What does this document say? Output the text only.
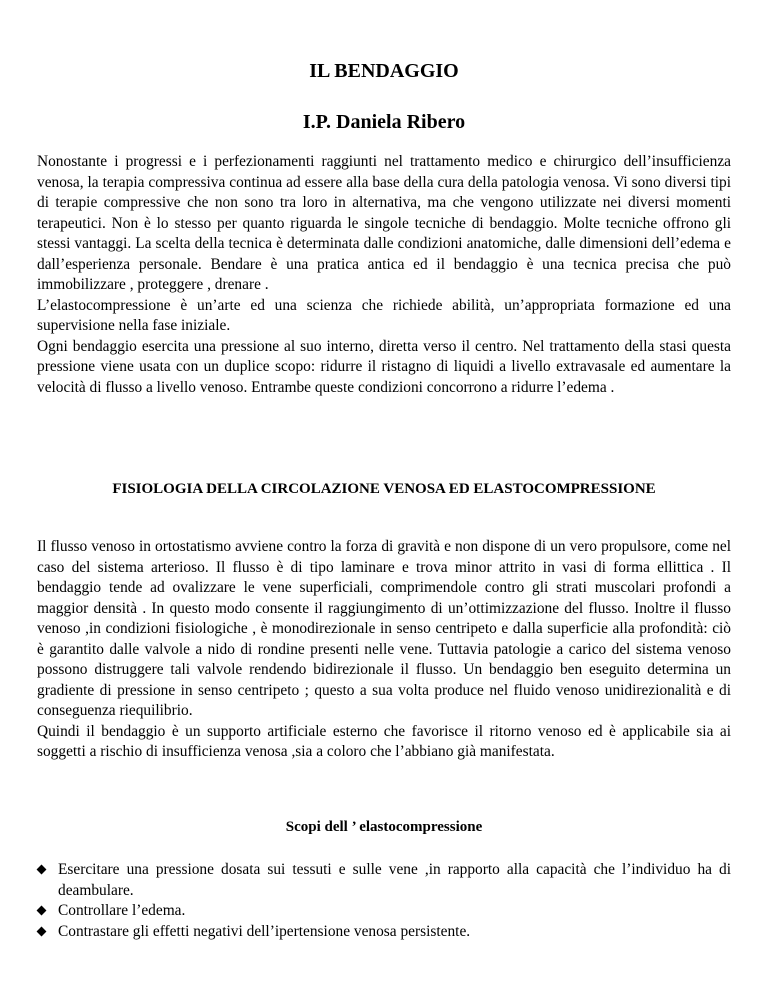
IL BENDAGGIO
I.P. Daniela Ribero

Nonostante i progressi e i perfezionamenti raggiunti nel trattamento medico e chirurgico dell’insufficienza venosa, la terapia compressiva continua ad essere alla base della cura della patologia venosa. Vi sono diversi tipi di terapie compressive che non sono tra loro in alternativa, ma che vengono utilizzate nei diversi momenti terapeutici. Non è lo stesso per quanto riguarda le singole tecniche di bendaggio. Molte tecniche offrono gli stessi vantaggi. La scelta della tecnica è determinata dalle condizioni anatomiche, dalle dimensioni dell’edema e dall’esperienza personale. Bendare è una pratica antica ed il bendaggio è una tecnica precisa che può immobilizzare , proteggere , drenare .

L’elastocompressione è un’arte ed una scienza che richiede abilità, un’appropriata formazione ed una supervisione nella fase iniziale.

Ogni bendaggio esercita una pressione al suo interno, diretta verso il centro. Nel trattamento della stasi questa pressione viene usata con un duplice scopo: ridurre il ristagno di liquidi a livello extravasale ed aumentare la velocità di flusso a livello venoso. Entrambe queste condizioni concorrono a ridurre l’edema .

FISIOLOGIA DELLA CIRCOLAZIONE VENOSA ED ELASTOCOMPRESSIONE

Il flusso venoso in ortostatismo avviene contro la forza di gravità e non dispone di un vero propulsore, come nel caso del sistema arterioso. Il flusso è di tipo laminare e trova minor attrito in vasi di forma ellittica . Il bendaggio tende ad ovalizzare le vene superficiali, comprimendole contro gli strati muscolari profondi a maggior densità . In questo modo consente il raggiungimento di un’ottimizzazione del flusso. Inoltre il flusso venoso ,in condizioni fisiologiche , è monodirezionale in senso centripeto e dalla superficie alla profondità: ciò è garantito dalle valvole a nido di rondine presenti nelle vene. Tuttavia patologie a carico del sistema venoso possono distruggere tali valvole rendendo bidirezionale il flusso. Un bendaggio ben eseguito determina un gradiente di pressione in senso centripeto ; questo a sua volta produce nel fluido venoso unidirezionalità e di conseguenza riequilibrio.

Quindi il bendaggio è un supporto artificiale esterno che favorisce il ritorno venoso ed è applicabile sia ai soggetti a rischio di insufficienza venosa ,sia a coloro che l’abbiano già manifestata.

Scopi dell ’ elastocompressione
Esercitare una pressione dosata sui tessuti e sulle vene ,in rapporto alla capacità che l’individuo ha di deambulare.
Controllare l’edema.
Contrastare gli effetti negativi dell’ipertensione venosa persistente.
